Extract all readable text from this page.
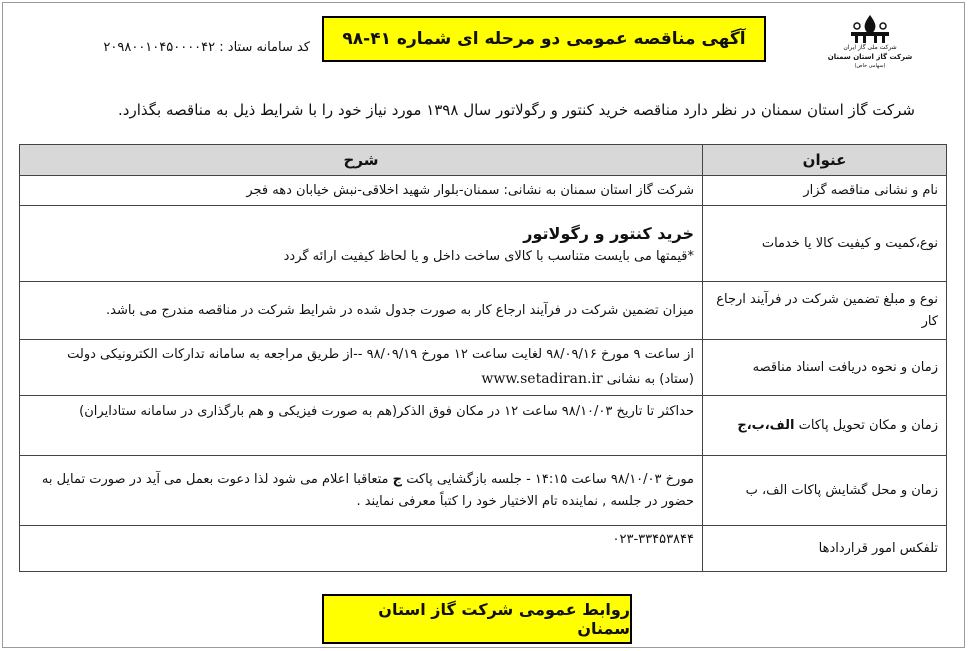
شرکت ملی گاز ایران
شرکت گاز استان سمنان
(سهامی خاص)
آگهی مناقصه عمومی دو مرحله ای شماره ۴۱-۹۸
کد سامانه ستاد : ۲۰۹۸۰۰۱۰۴۵۰۰۰۰۴۲
شرکت گاز استان سمنان در نظر دارد مناقصه خرید کنتور و رگولاتور سال ۱۳۹۸ مورد نیاز خود را با شرایط ذیل به مناقصه بگذارد.
عنوان	شرح
نام و نشانی مناقصه گزار	شرکت گاز استان سمنان به نشانی: سمنان-بلوار شهید اخلاقی-نبش خیابان دهه فجر
نوع،کمیت و کیفیت کالا یا خدمات	خرید کنتور و رگولاتور
*قیمتها می بایست متناسب با کالای ساخت داخل و یا لحاظ کیفیت ارائه گردد

نوع و مبلغ تضمین شرکت در فرآیند ارجاع کار	میزان تضمین شرکت در فرآیند ارجاع کار به صورت جدول شده در شرایط شرکت در مناقصه مندرج می باشد.
زمان و نحوه دریافت اسناد مناقصه	از ساعت ۹ مورخ ۹۸/۰۹/۱۶ لغایت ساعت ۱۲ مورخ ۹۸/۰۹/۱۹ --از طریق مراجعه به سامانه تدارکات الکترونیکی دولت
(ستاد) به نشانی www.setadiran.ir

زمان و مکان تحویل پاکات الف،ب،ج	حداکثر تا تاریخ ۹۸/۱۰/۰۳ ساعت ۱۲ در مکان فوق الذکر(هم به صورت فیزیکی و هم بارگذاری در سامانه ستادایران)
زمان و محل گشایش پاکات الف، ب	مورخ ۹۸/۱۰/۰۳ ساعت ۱۴:۱۵ - جلسه بازگشایی پاکت ج متعاقبا اعلام می شود لذا دعوت بعمل می آید در صورت تمایل به حضور در جلسه , نماینده تام الاختیار خود را کتباً معرفی نمایند .
تلفکس امور قراردادها	۰۲۳-۳۳۴۵۳۸۴۴
روابط عمومی شرکت گاز استان سمنان
